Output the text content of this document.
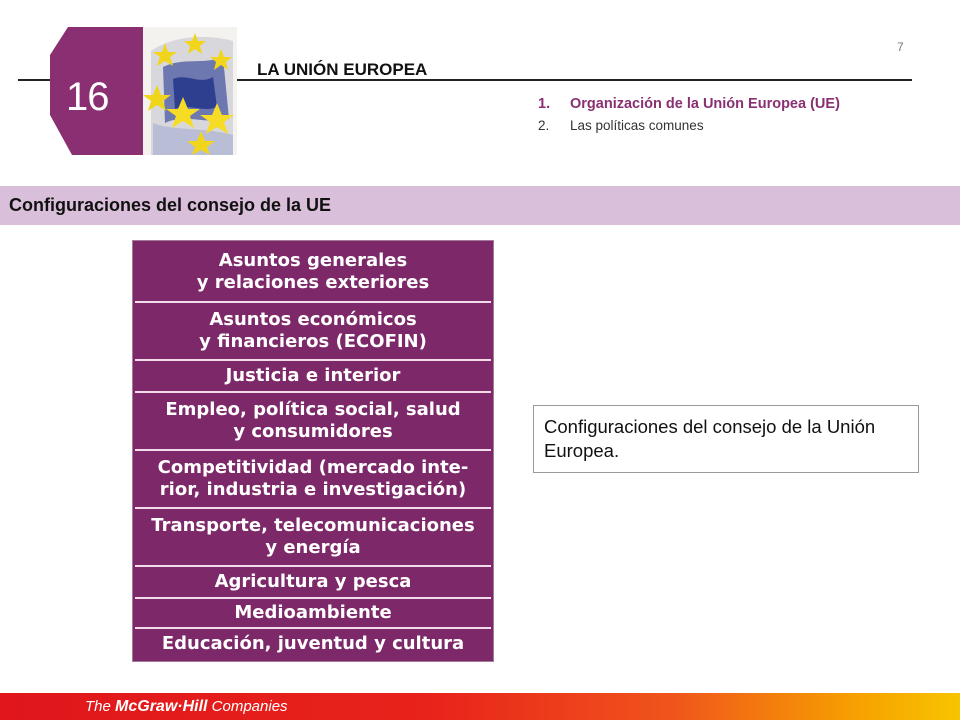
16
LA UNIÓN EUROPEA
7
1. Organización de la Unión Europea (UE)
2. Las políticas comunes
Configuraciones del consejo de la UE
Asuntos generales
y relaciones exteriores
Asuntos económicos
y financieros (ECOFIN)
Justicia e interior
Empleo, política social, salud
y consumidores
Competitividad (mercado inte-
rior, industria e investigación)
Transporte, telecomunicaciones
y energía
Agricultura y pesca
Medioambiente
Educación, juventud y cultura
Configuraciones del consejo de la Unión Europea.
The McGraw·Hill Companies
